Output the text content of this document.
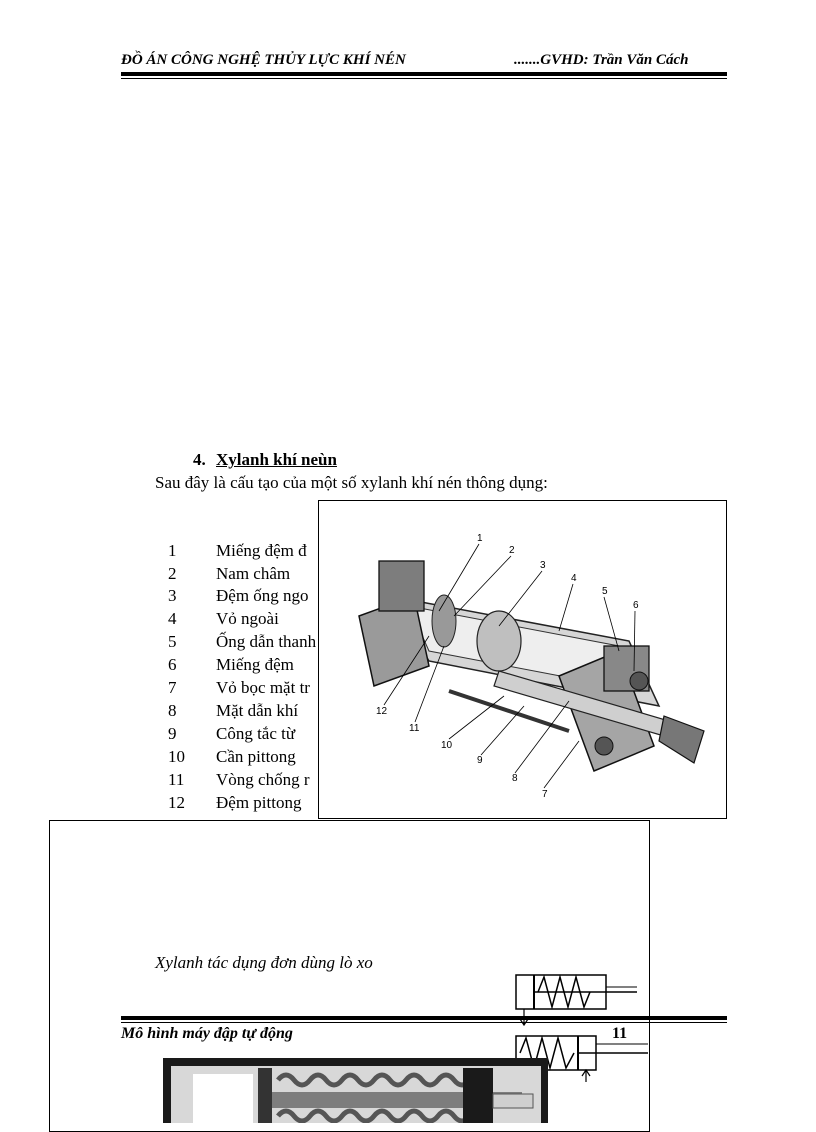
ĐỒ ÁN CÔNG NGHỆ THỦY LỰC KHÍ NÉN	.......GVHD: Trần Văn Cách
4. Xylanh khí neùn
Sau đây là cấu tạo của một số xylanh khí nén thông dụng:
1 Miếng đệm đ
2 Nam châm
3 Đệm ống ngo
4 Vỏ ngoài
5 Ống dẫn thanh
6 Miếng đệm
7 Vỏ bọc mặt tr
8 Mặt dẫn khí
9 Công tắc từ
10 Cần pittong
11 Vòng chống r
12 Đệm pittong
1
2
3
4
5
6
7
8
9
10
11
12
Xylanh tác dụng đơn dùng lò xo
Mô hình máy đập tự động	11
